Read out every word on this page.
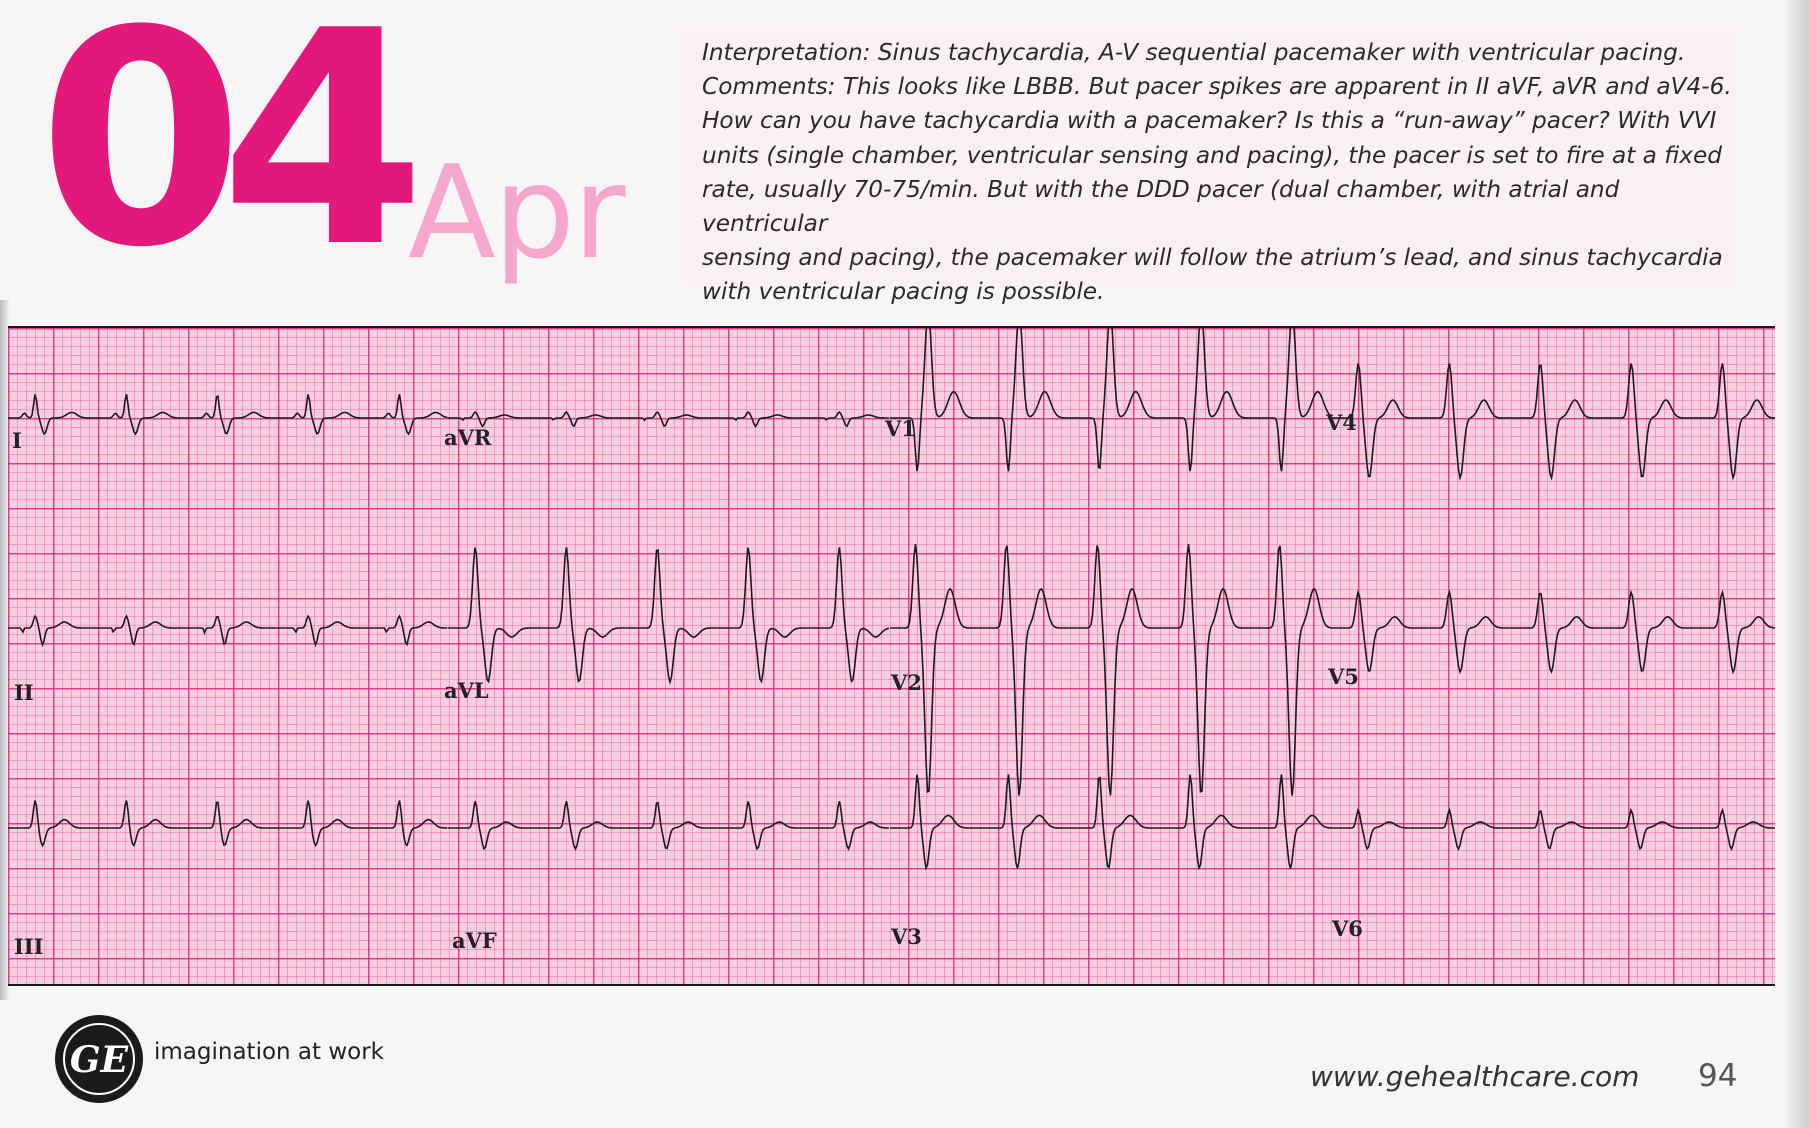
04 Apr

Interpretation: Sinus tachycardia, A-V sequential pacemaker with ventricular pacing.
Comments: This looks like LBBB. But pacer spikes are apparent in II aVF, aVR and aV4-6.
How can you have tachycardia with a pacemaker? Is this a “run-away” pacer? With VVI
units (single chamber, ventricular sensing and pacing), the pacer is set to fire at a fixed
rate, usually 70-75/min. But with the DDD pacer (dual chamber, with atrial and ventricular
sensing and pacing), the pacemaker will follow the atrium’s lead, and sinus tachycardia
with ventricular pacing is possible.

I	aVR	V1	V4
II	aVL	V2	V5
III	aVF	V3	V6
GE imagination at work
www.gehealthcare.com 94
